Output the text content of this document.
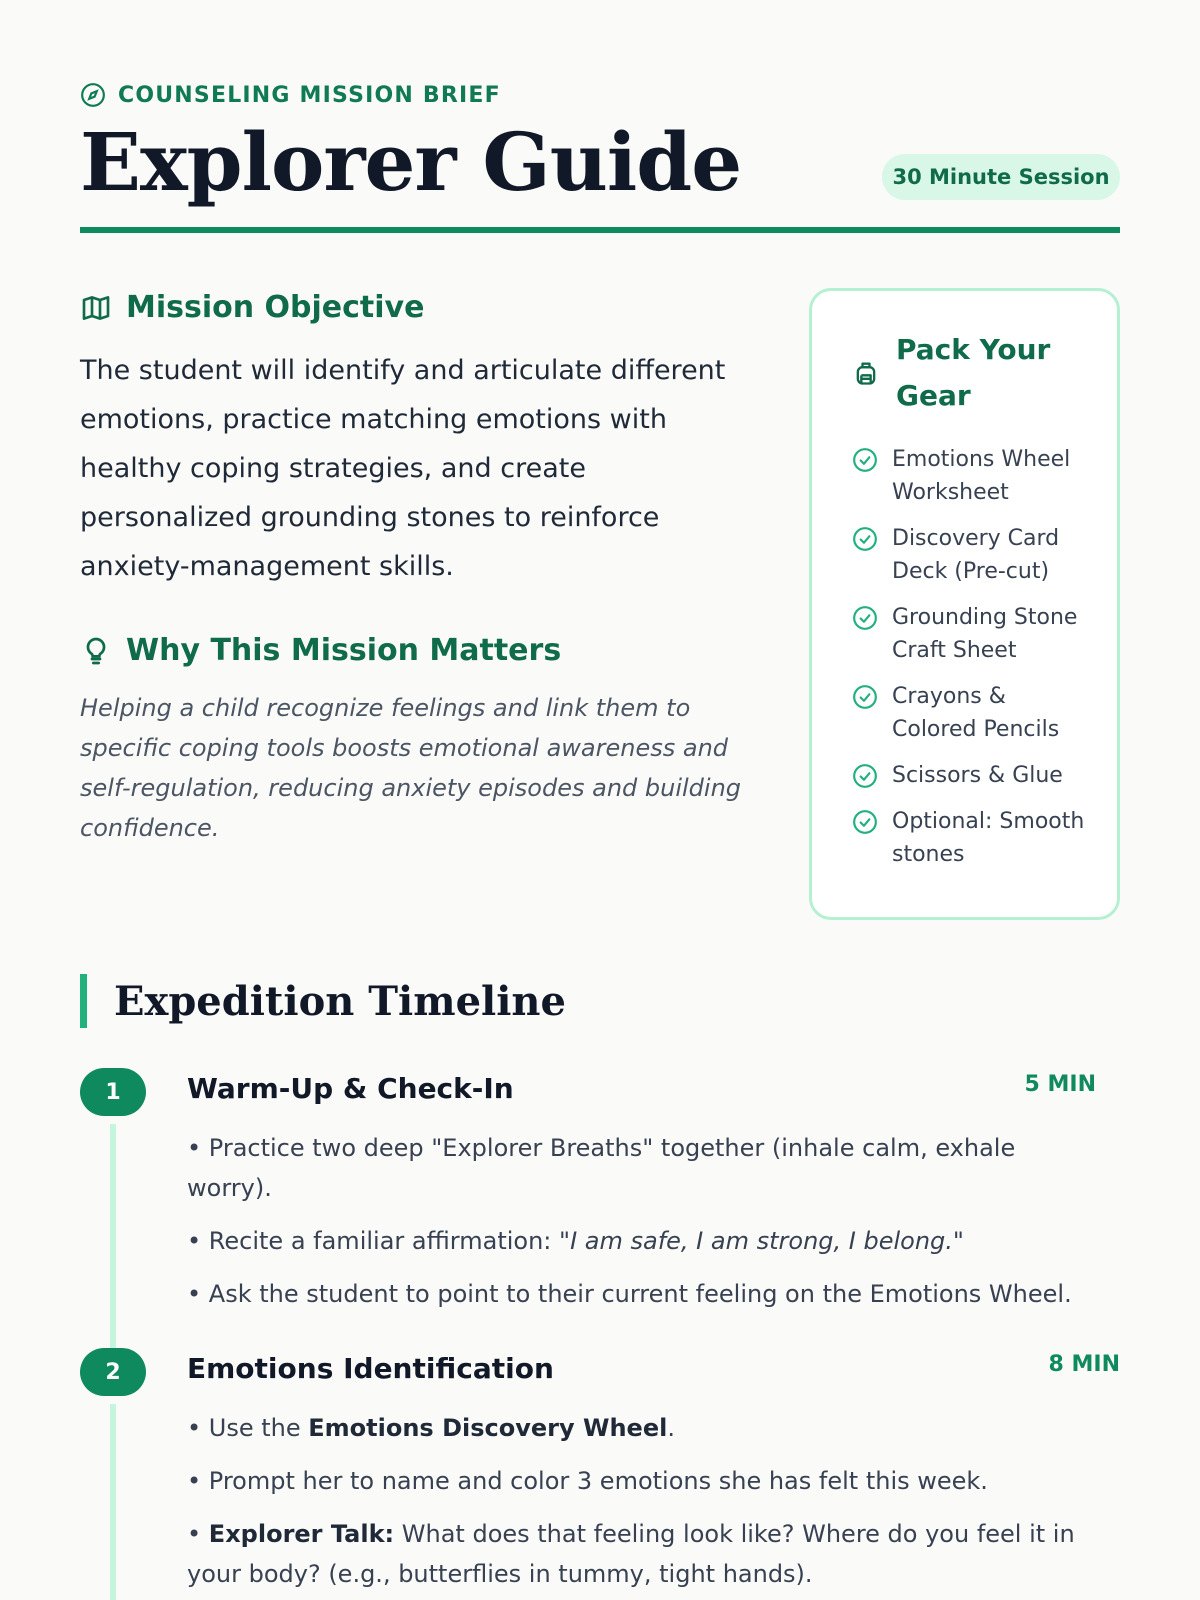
COUNSELING MISSION BRIEF
Explorer Guide	30 Minute Session
Mission Objective

The student will identify and articulate different emotions, practice matching emotions with healthy coping strategies, and create personalized grounding stones to reinforce anxiety-management skills.

Why This Mission Matters

Helping a child recognize feelings and link them to specific coping tools boosts emotional awareness and self-regulation, reducing anxiety episodes and building confidence.

Pack Your Gear
Emotions Wheel Worksheet
Discovery Card Deck (Pre-cut)
Grounding Stone Craft Sheet
Crayons & Colored Pencils
Scissors & Glue
Optional: Smooth stones
Expedition Timeline
1	Warm-Up & Check-In	5 MIN
• Practice two deep "Explorer Breaths" together (inhale calm, exhale worry).
• Recite a familiar affirmation: "I am safe, I am strong, I belong."
• Ask the student to point to their current feeling on the Emotions Wheel.
2	Emotions Identification	8 MIN
• Use the Emotions Discovery Wheel.
• Prompt her to name and color 3 emotions she has felt this week.
• Explorer Talk: What does that feeling look like? Where do you feel it in your body? (e.g., butterflies in tummy, tight hands).
